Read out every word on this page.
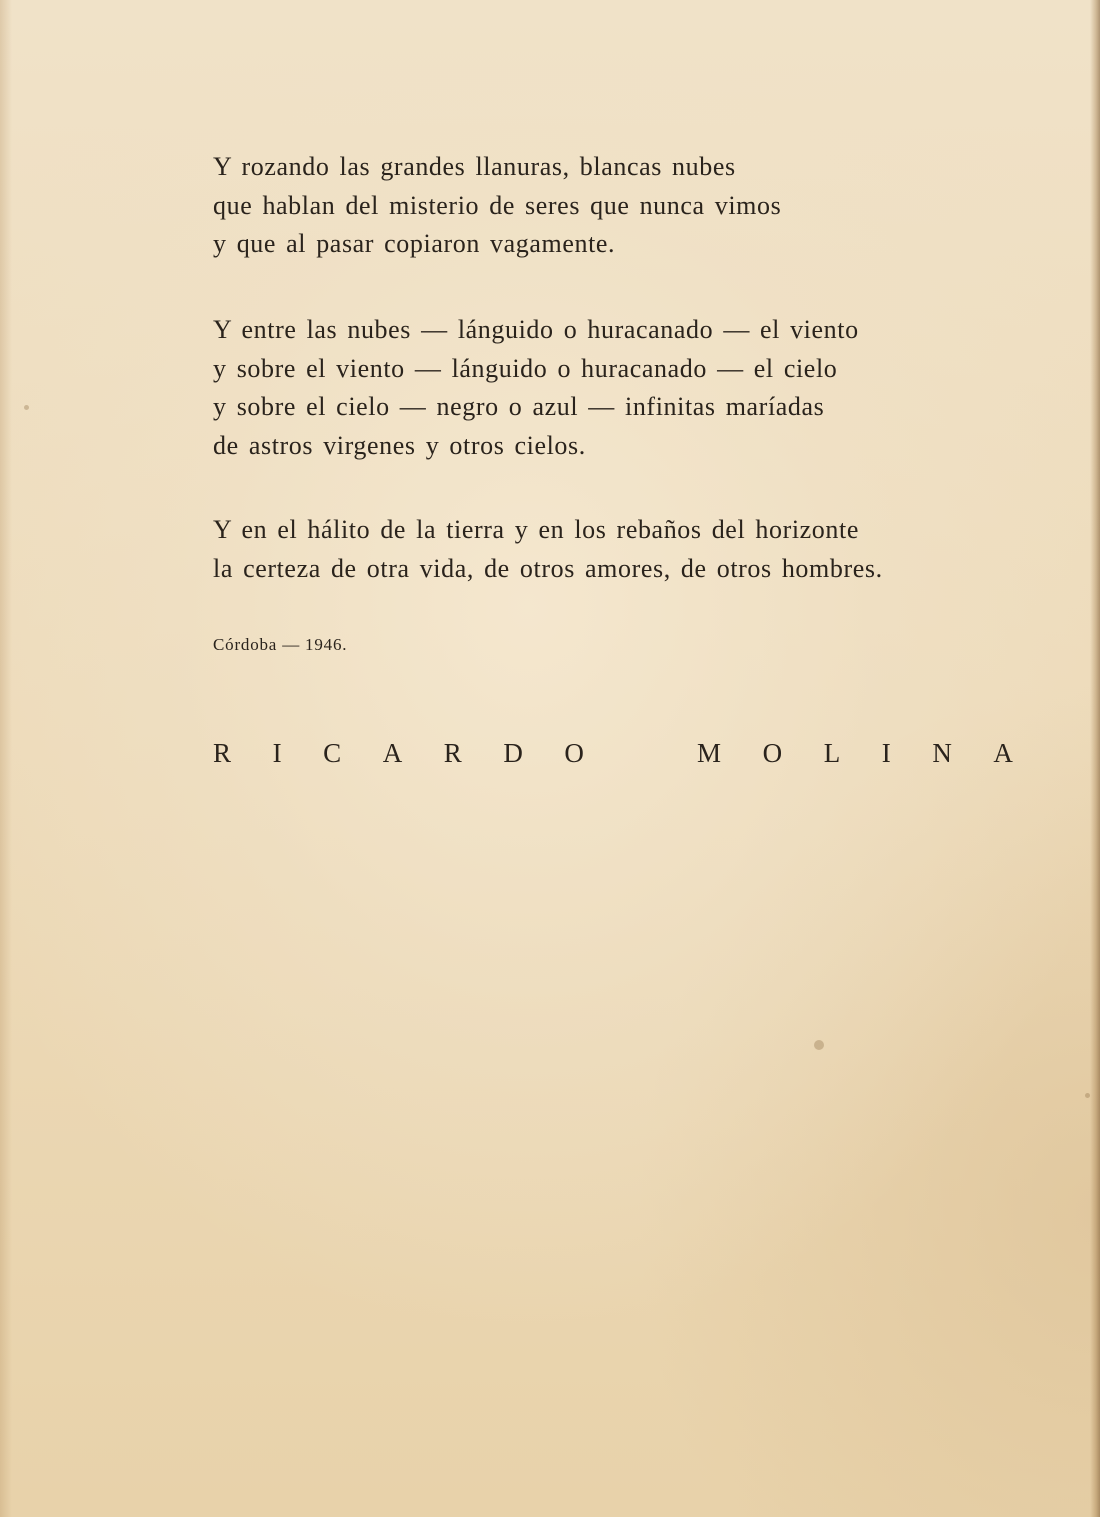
Y rozando las grandes llanuras, blancas nubes
que hablan del misterio de seres que nunca vimos
y que al pasar copiaron vagamente.
Y entre las nubes — lánguido o huracanado — el viento
y sobre el viento — lánguido o huracanado — el cielo
y sobre el cielo — negro o azul — infinitas maríadas
de astros virgenes y otros cielos.
Y en el hálito de la tierra y en los rebaños del horizonte
la certeza de otra vida, de otros amores, de otros hombres.
Córdoba — 1946.
R I C A R D O	M O L I N A
